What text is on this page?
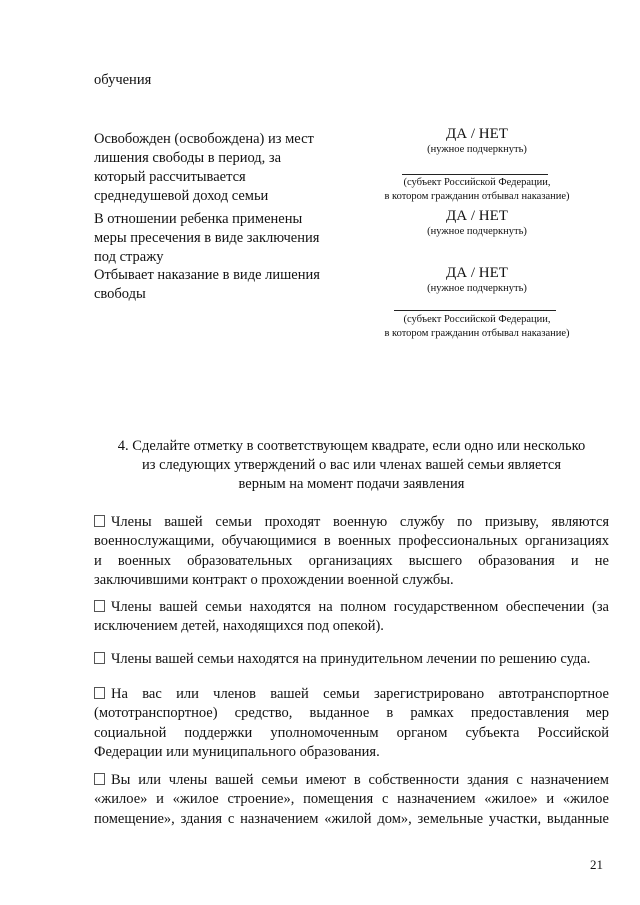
обучения
Освобожден (освобождена) из мест
лишения свободы в период, за
который рассчитывается
среднедушевой доход семьи
ДА / НЕТ
(нужное подчеркнуть)
(субъект Российской Федерации,
в котором гражданин отбывал наказание)
В отношении ребенка применены
меры пресечения в виде заключения
под стражу
ДА / НЕТ
(нужное подчеркнуть)
Отбывает наказание в виде лишения
свободы
ДА / НЕТ
(нужное подчеркнуть)
(субъект Российской Федерации,
в котором гражданин отбывал наказание)
4. Сделайте отметку в соответствующем квадрате, если одно или несколько
из следующих утверждений о вас или членах вашей семьи является
верным на момент подачи заявления
Члены вашей семьи проходят военную службу по призыву, являются
военнослужащими, обучающимися в военных профессиональных организациях
и военных образовательных организациях высшего образования и не
заключившими контракт о прохождении военной службы.
Члены вашей семьи находятся на полном государственном обеспечении (за
исключением детей, находящихся под опекой).
Члены вашей семьи находятся на принудительном лечении по решению суда.
На вас или членов вашей семьи зарегистрировано автотранспортное
(мототранспортное) средство, выданное в рамках предоставления мер
социальной поддержки уполномоченным органом субъекта Российской
Федерации или муниципального образования.
Вы или члены вашей семьи имеют в собственности здания с назначением
«жилое» и «жилое строение», помещения с назначением «жилое» и «жилое
помещение», здания с назначением «жилой дом», земельные участки, выданные
21
